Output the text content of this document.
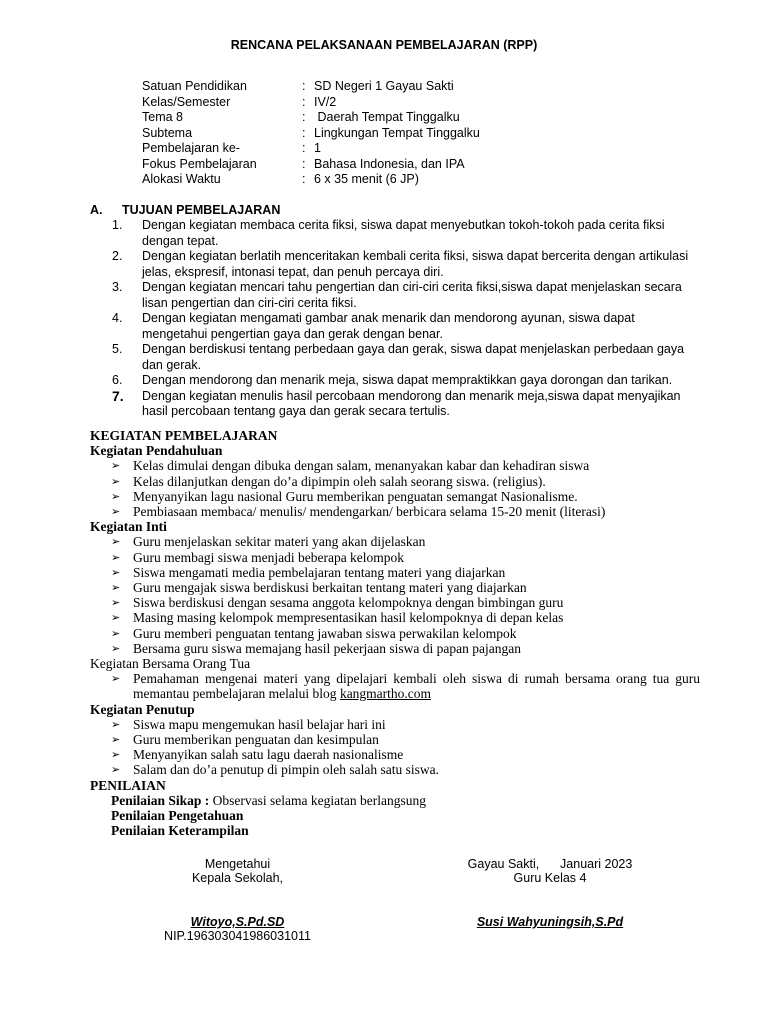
RENCANA PELAKSANAAN PEMBELAJARAN (RPP)
Satuan Pendidikan	: SD Negeri 1 Gayau Sakti
Kelas/Semester	: IV/2
Tema 8	: Daerah Tempat Tinggalku
Subtema	: Lingkungan Tempat Tinggalku
Pembelajaran ke-	: 1
Fokus Pembelajaran	: Bahasa Indonesia, dan IPA
Alokasi Waktu	: 6 x 35 menit (6 JP)
A. TUJUAN PEMBELAJARAN
1. Dengan kegiatan membaca cerita fiksi, siswa dapat menyebutkan tokoh-tokoh pada cerita fiksi dengan tepat.
2. Dengan kegiatan berlatih menceritakan kembali cerita fiksi, siswa dapat bercerita dengan artikulasi jelas, ekspresif, intonasi tepat, dan penuh percaya diri.
3. Dengan kegiatan mencari tahu pengertian dan ciri-ciri cerita fiksi,siswa dapat menjelaskan secara lisan pengertian dan ciri-ciri cerita fiksi.
4. Dengan kegiatan mengamati gambar anak menarik dan mendorong ayunan, siswa dapat mengetahui pengertian gaya dan gerak dengan benar.
5. Dengan berdiskusi tentang perbedaan gaya dan gerak, siswa dapat menjelaskan perbedaan gaya dan gerak.
6. Dengan mendorong dan menarik meja, siswa dapat mempraktikkan gaya dorongan dan tarikan.
7. Dengan kegiatan menulis hasil percobaan mendorong dan menarik meja,siswa dapat menyajikan hasil percobaan tentang gaya dan gerak secara tertulis.
KEGIATAN PEMBELAJARAN
Kegiatan Pendahuluan
➢ Kelas dimulai dengan dibuka dengan salam, menanyakan kabar dan kehadiran siswa
➢ Kelas dilanjutkan dengan do’a dipimpin oleh salah seorang siswa. (religius).
➢ Menyanyikan lagu nasional Guru memberikan penguatan semangat Nasionalisme.
➢ Pembiasaan membaca/ menulis/ mendengarkan/ berbicara selama 15-20 menit (literasi)
Kegiatan Inti
➢ Guru menjelaskan sekitar materi yang akan dijelaskan
➢ Guru membagi siswa menjadi beberapa kelompok
➢ Siswa mengamati media pembelajaran tentang materi yang diajarkan
➢ Guru mengajak siswa berdiskusi berkaitan tentang materi yang diajarkan
➢ Siswa berdiskusi dengan sesama anggota kelompoknya dengan bimbingan guru
➢ Masing masing kelompok mempresentasikan hasil kelompoknya di depan kelas
➢ Guru memberi penguatan tentang jawaban siswa perwakilan kelompok
➢ Bersama guru siswa memajang hasil pekerjaan siswa di papan pajangan
Kegiatan Bersama Orang Tua
➢ Pemahaman mengenai materi yang dipelajari kembali oleh siswa di rumah bersama orang tua guru memantau pembelajaran melalui blog kangmartho.com
Kegiatan Penutup
➢ Siswa mapu mengemukan hasil belajar hari ini
➢ Guru memberikan penguatan dan kesimpulan
➢ Menyanyikan salah satu lagu daerah nasionalisme
➢ Salam dan do’a penutup di pimpin oleh salah satu siswa.
PENILAIAN
Penilaian Sikap : Observasi selama kegiatan berlangsung
Penilaian Pengetahuan
Penilaian Keterampilan
Mengetahui
Kepala Sekolah,
Witoyo,S.Pd.SD
NIP.196303041986031011
Gayau Sakti,      Januari 2023
Guru Kelas 4
Susi Wahyuningsih,S.Pd
